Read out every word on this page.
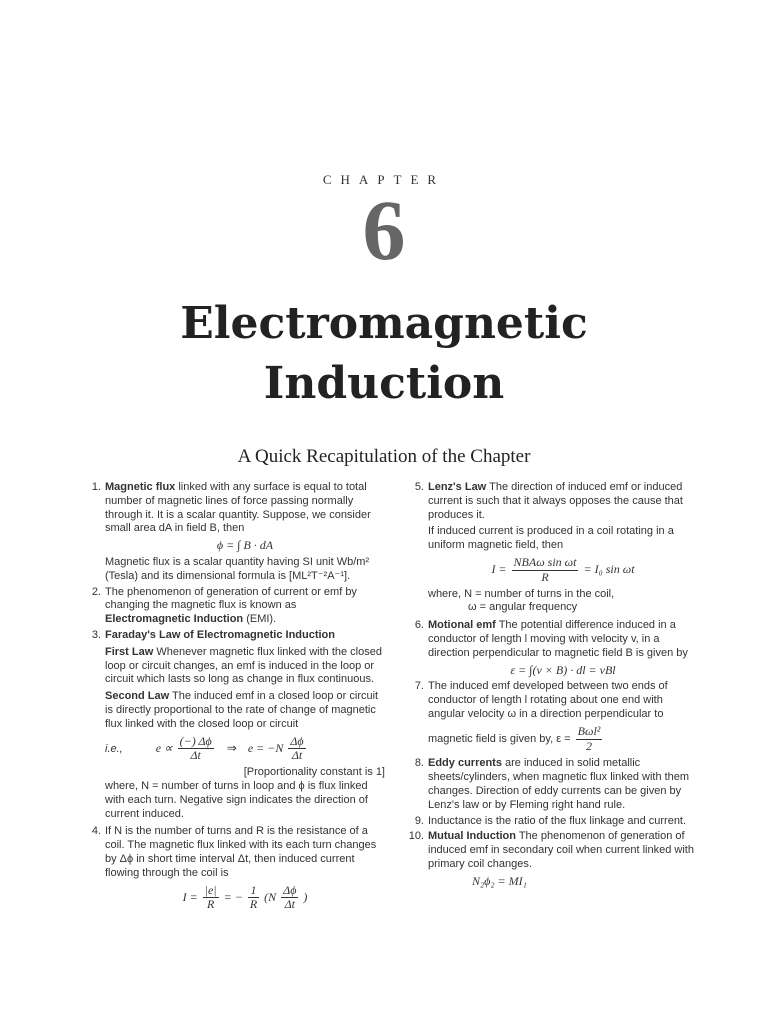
CHAPTER
6
Electromagnetic
Induction
A Quick Recapitulation of the Chapter
1. Magnetic flux linked with any surface is equal to total number of magnetic lines of force passing normally through it. It is a scalar quantity. Suppose, we consider small area dA in field B, then

ϕ = ∫ B · dA

Magnetic flux is a scalar quantity having SI unit Wb/m² (Tesla) and its dimensional formula is [ML²T⁻²A⁻¹].

2. The phenomenon of generation of current or emf by changing the magnetic flux is known as Electromagnetic Induction (EMI).

3. Faraday's Law of Electromagnetic Induction

First Law Whenever magnetic flux linked with the closed loop or circuit changes, an emf is induced in the loop or circuit which lasts so long as change in flux continuous.

Second Law The induced emf in a closed loop or circuit is directly proportional to the rate of change of magnetic flux linked with the closed loop or circuit

i.e.,	$e \propto \frac{(-) \Delta\phi}{\Delta t}$ ⇒ $e = -N \frac{\Delta\phi}{\Delta t}$

[Proportionality constant is 1]

where, N = number of turns in loop and ϕ is flux linked with each turn. Negative sign indicates the direction of current induced.

4. If N is the number of turns and R is the resistance of a coil. The magnetic flux linked with its each turn changes by Δϕ in short time interval Δt, then induced current flowing through the coil is

$I = \frac{|e|}{R}$ = − $\frac{1}{R} (N \frac{\Delta\phi}{\Delta t}$ )
5. Lenz's Law The direction of induced emf or induced current is such that it always opposes the cause that produces it.

If induced current is produced in a coil rotating in a uniform magnetic field, then

$I = \frac{\text{NBAω sin ωt}}{R} = I_0$ sin ωt

where, N = number of turns in the coil,

ω = angular frequency

6. Motional emf The potential difference induced in a conductor of length l moving with velocity v, in a direction perpendicular to magnetic field B is given by

ε = ∫(v × B) · dl = vBl
7. The induced emf developed between two ends of conductor of length l rotating about one end with angular velocity ω in a direction perpendicular to

magnetic field is given by, $\varepsilon = \frac{\text{Bωl²}}{2}$

8. Eddy currents are induced in solid metallic sheets/cylinders, when magnetic flux linked with them changes. Direction of eddy currents can be given by Lenz's law or by Fleming right hand rule.

9. Inductance is the ratio of the flux linkage and current.

10. Mutual Induction The phenomenon of generation of induced emf in secondary coil when current linked with primary coil changes.

N₂ϕ₂ = MI₁
